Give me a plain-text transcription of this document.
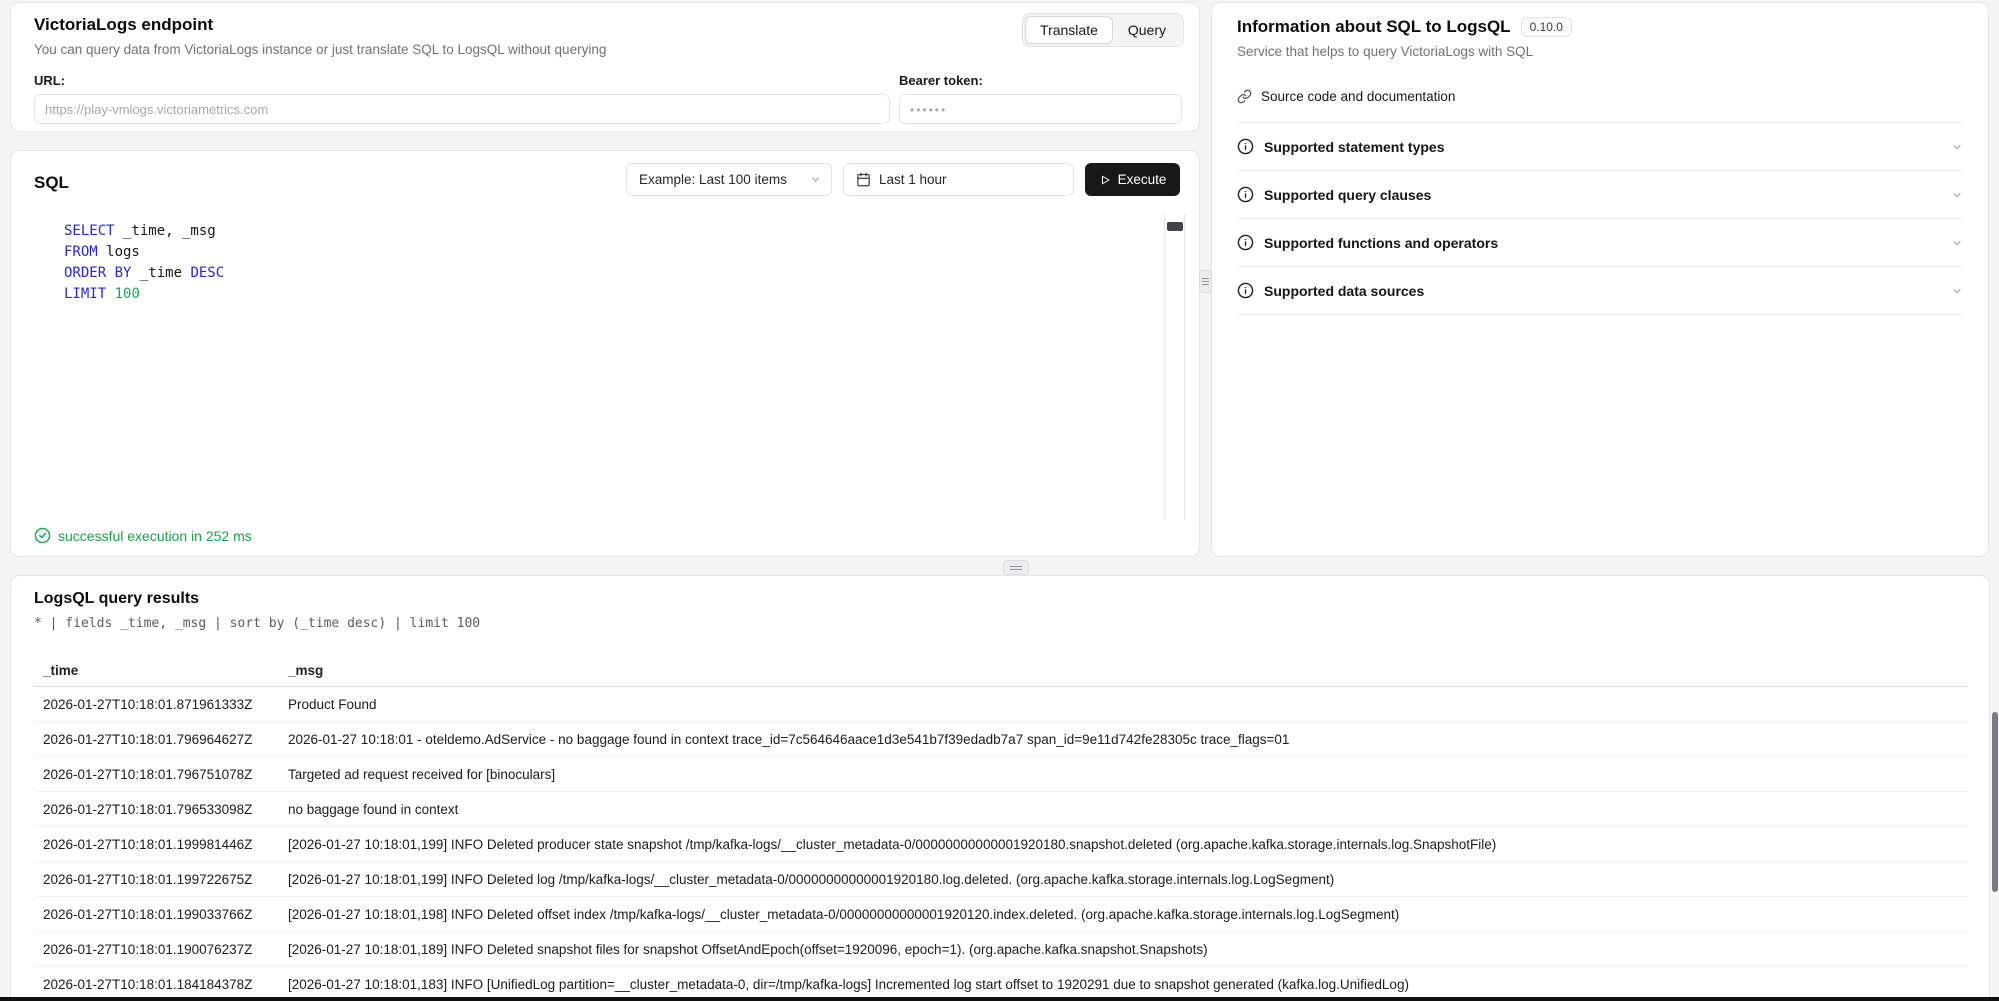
VictoriaLogs endpoint
You can query data from VictoriaLogs instance or just translate SQL to LogsQL without querying
Translate	Query
URL:
https://play-vmlogs.victoriametrics.com	Bearer token:
••••••
SQL	Example: Last 100 items	Last 1 hour	Execute
SELECT _time, _msg
FROM logs
ORDER BY _time DESC
LIMIT 100
successful execution in 252 ms
Information about SQL to LogsQL	0.10.0
Service that helps to query VictoriaLogs with SQL
Source code and documentation
Supported statement types
Supported query clauses
Supported functions and operators
Supported data sources
LogsQL query results
* | fields _time, _msg | sort by (_time desc) | limit 100
_time	_msg
2026-01-27T10:18:01.871961333Z	Product Found
2026-01-27T10:18:01.796964627Z	2026-01-27 10:18:01 - oteldemo.AdService - no baggage found in context trace_id=7c564646aace1d3e541b7f39edadb7a7 span_id=9e11d742fe28305c trace_flags=01
2026-01-27T10:18:01.796751078Z	Targeted ad request received for [binoculars]
2026-01-27T10:18:01.796533098Z	no baggage found in context
2026-01-27T10:18:01.199981446Z	[2026-01-27 10:18:01,199] INFO Deleted producer state snapshot /tmp/kafka-logs/__cluster_metadata-0/00000000000001920180.snapshot.deleted (org.apache.kafka.storage.internals.log.SnapshotFile)
2026-01-27T10:18:01.199722675Z	[2026-01-27 10:18:01,199] INFO Deleted log /tmp/kafka-logs/__cluster_metadata-0/00000000000001920180.log.deleted. (org.apache.kafka.storage.internals.log.LogSegment)
2026-01-27T10:18:01.199033766Z	[2026-01-27 10:18:01,198] INFO Deleted offset index /tmp/kafka-logs/__cluster_metadata-0/00000000000001920120.index.deleted. (org.apache.kafka.storage.internals.log.LogSegment)
2026-01-27T10:18:01.190076237Z	[2026-01-27 10:18:01,189] INFO Deleted snapshot files for snapshot OffsetAndEpoch(offset=1920096, epoch=1). (org.apache.kafka.snapshot.Snapshots)
2026-01-27T10:18:01.184184378Z	[2026-01-27 10:18:01,183] INFO [UnifiedLog partition=__cluster_metadata-0, dir=/tmp/kafka-logs] Incremented log start offset to 1920291 due to snapshot generated (kafka.log.UnifiedLog)
